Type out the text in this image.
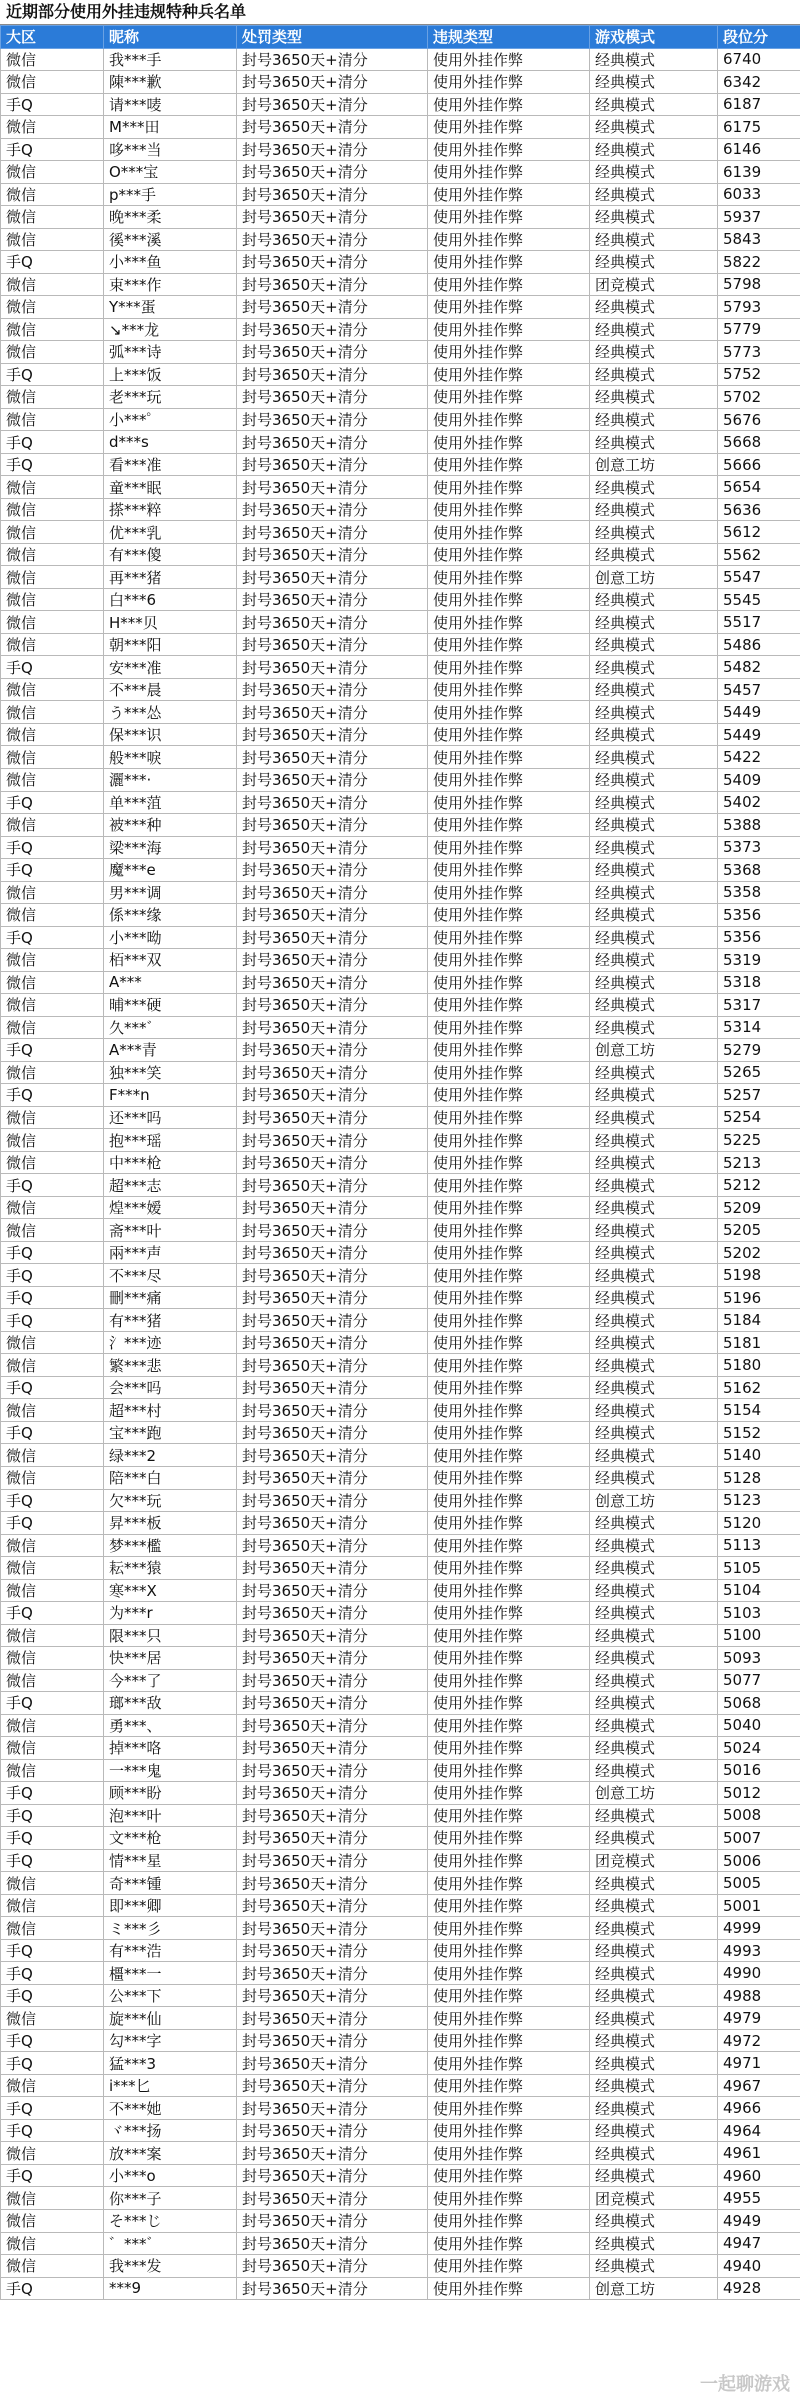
近期部分使用外挂违规特种兵名单
大区	昵称	处罚类型	违规类型	游戏模式	段位分
微信	我***手	封号3650天+清分	使用外挂作弊	经典模式	6740
微信	陳***歉	封号3650天+清分	使用外挂作弊	经典模式	6342
手Q	请***唛	封号3650天+清分	使用外挂作弊	经典模式	6187
微信	M***田	封号3650天+清分	使用外挂作弊	经典模式	6175
手Q	哆***当	封号3650天+清分	使用外挂作弊	经典模式	6146
微信	O***宝	封号3650天+清分	使用外挂作弊	经典模式	6139
微信	p***手	封号3650天+清分	使用外挂作弊	经典模式	6033
微信	晚***柔	封号3650天+清分	使用外挂作弊	经典模式	5937
微信	徯***溪	封号3650天+清分	使用外挂作弊	经典模式	5843
手Q	小***鱼	封号3650天+清分	使用外挂作弊	经典模式	5822
微信	束***作	封号3650天+清分	使用外挂作弊	团竞模式	5798
微信	Y***蛋	封号3650天+清分	使用外挂作弊	经典模式	5793
微信	↘***龙	封号3650天+清分	使用外挂作弊	经典模式	5779
微信	弧***诗	封号3650天+清分	使用外挂作弊	经典模式	5773
手Q	上***饭	封号3650天+清分	使用外挂作弊	经典模式	5752
微信	老***玩	封号3650天+清分	使用外挂作弊	经典模式	5702
微信	小***゜	封号3650天+清分	使用外挂作弊	经典模式	5676
手Q	d***s	封号3650天+清分	使用外挂作弊	经典模式	5668
手Q	看***准	封号3650天+清分	使用外挂作弊	创意工坊	5666
微信	童***眠	封号3650天+清分	使用外挂作弊	经典模式	5654
微信	搽***粹	封号3650天+清分	使用外挂作弊	经典模式	5636
微信	优***乳	封号3650天+清分	使用外挂作弊	经典模式	5612
微信	有***傻	封号3650天+清分	使用外挂作弊	经典模式	5562
微信	再***猪	封号3650天+清分	使用外挂作弊	创意工坊	5547
微信	白***6	封号3650天+清分	使用外挂作弊	经典模式	5545
微信	H***贝	封号3650天+清分	使用外挂作弊	经典模式	5517
微信	朝***阳	封号3650天+清分	使用外挂作弊	经典模式	5486
手Q	安***准	封号3650天+清分	使用外挂作弊	经典模式	5482
微信	不***晨	封号3650天+清分	使用外挂作弊	经典模式	5457
微信	う***怂	封号3650天+清分	使用外挂作弊	经典模式	5449
微信	保***识	封号3650天+清分	使用外挂作弊	经典模式	5449
微信	般***唳	封号3650天+清分	使用外挂作弊	经典模式	5422
微信	灑***·	封号3650天+清分	使用外挂作弊	经典模式	5409
手Q	单***菹	封号3650天+清分	使用外挂作弊	经典模式	5402
微信	被***种	封号3650天+清分	使用外挂作弊	经典模式	5388
手Q	梁***海	封号3650天+清分	使用外挂作弊	经典模式	5373
手Q	魔***e	封号3650天+清分	使用外挂作弊	经典模式	5368
微信	男***调	封号3650天+清分	使用外挂作弊	经典模式	5358
微信	係***缘	封号3650天+清分	使用外挂作弊	经典模式	5356
手Q	小***呦	封号3650天+清分	使用外挂作弊	经典模式	5356
微信	栢***双	封号3650天+清分	使用外挂作弊	经典模式	5319
微信	A***	封号3650天+清分	使用外挂作弊	经典模式	5318
微信	晡***硬	封号3650天+清分	使用外挂作弊	经典模式	5317
微信	久***゛	封号3650天+清分	使用外挂作弊	经典模式	5314
手Q	A***青	封号3650天+清分	使用外挂作弊	创意工坊	5279
微信	独***笑	封号3650天+清分	使用外挂作弊	经典模式	5265
手Q	F***n	封号3650天+清分	使用外挂作弊	经典模式	5257
微信	还***吗	封号3650天+清分	使用外挂作弊	经典模式	5254
微信	抱***瑶	封号3650天+清分	使用外挂作弊	经典模式	5225
微信	中***枪	封号3650天+清分	使用外挂作弊	经典模式	5213
手Q	超***志	封号3650天+清分	使用外挂作弊	经典模式	5212
微信	煌***嫒	封号3650天+清分	使用外挂作弊	经典模式	5209
微信	斋***叶	封号3650天+清分	使用外挂作弊	经典模式	5205
手Q	兩***声	封号3650天+清分	使用外挂作弊	经典模式	5202
手Q	不***尽	封号3650天+清分	使用外挂作弊	经典模式	5198
手Q	刪***痛	封号3650天+清分	使用外挂作弊	经典模式	5196
手Q	有***猪	封号3650天+清分	使用外挂作弊	经典模式	5184
微信	氵***迹	封号3650天+清分	使用外挂作弊	经典模式	5181
微信	繁***悲	封号3650天+清分	使用外挂作弊	经典模式	5180
手Q	会***吗	封号3650天+清分	使用外挂作弊	经典模式	5162
微信	超***村	封号3650天+清分	使用外挂作弊	经典模式	5154
手Q	宝***跑	封号3650天+清分	使用外挂作弊	经典模式	5152
微信	绿***2	封号3650天+清分	使用外挂作弊	经典模式	5140
微信	陪***白	封号3650天+清分	使用外挂作弊	经典模式	5128
手Q	欠***玩	封号3650天+清分	使用外挂作弊	创意工坊	5123
手Q	昇***板	封号3650天+清分	使用外挂作弊	经典模式	5120
微信	梦***檻	封号3650天+清分	使用外挂作弊	经典模式	5113
微信	耘***猿	封号3650天+清分	使用外挂作弊	经典模式	5105
微信	寒***X	封号3650天+清分	使用外挂作弊	经典模式	5104
手Q	为***r	封号3650天+清分	使用外挂作弊	经典模式	5103
微信	限***只	封号3650天+清分	使用外挂作弊	经典模式	5100
微信	快***居	封号3650天+清分	使用外挂作弊	经典模式	5093
微信	今***了	封号3650天+清分	使用外挂作弊	经典模式	5077
手Q	瑯***敌	封号3650天+清分	使用外挂作弊	经典模式	5068
微信	勇***、	封号3650天+清分	使用外挂作弊	经典模式	5040
微信	掉***咯	封号3650天+清分	使用外挂作弊	经典模式	5024
微信	一***鬼	封号3650天+清分	使用外挂作弊	经典模式	5016
手Q	顾***盼	封号3650天+清分	使用外挂作弊	创意工坊	5012
手Q	泡***叶	封号3650天+清分	使用外挂作弊	经典模式	5008
手Q	文***枪	封号3650天+清分	使用外挂作弊	经典模式	5007
手Q	情***星	封号3650天+清分	使用外挂作弊	团竞模式	5006
微信	奇***锺	封号3650天+清分	使用外挂作弊	经典模式	5005
微信	即***卿	封号3650天+清分	使用外挂作弊	经典模式	5001
微信	ミ***彡	封号3650天+清分	使用外挂作弊	经典模式	4999
手Q	有***浩	封号3650天+清分	使用外挂作弊	经典模式	4993
手Q	橿***一	封号3650天+清分	使用外挂作弊	经典模式	4990
手Q	公***下	封号3650天+清分	使用外挂作弊	经典模式	4988
微信	旋***仙	封号3650天+清分	使用外挂作弊	经典模式	4979
手Q	勾***字	封号3650天+清分	使用外挂作弊	经典模式	4972
手Q	猛***3	封号3650天+清分	使用外挂作弊	经典模式	4971
微信	i***匕	封号3650天+清分	使用外挂作弊	经典模式	4967
手Q	不***她	封号3650天+清分	使用外挂作弊	经典模式	4966
手Q	ヾ***扬	封号3650天+清分	使用外挂作弊	经典模式	4964
微信	放***案	封号3650天+清分	使用外挂作弊	经典模式	4961
手Q	小***o	封号3650天+清分	使用外挂作弊	经典模式	4960
微信	你***子	封号3650天+清分	使用外挂作弊	团竞模式	4955
微信	そ***じ	封号3650天+清分	使用外挂作弊	经典模式	4949
微信	゛***゛	封号3650天+清分	使用外挂作弊	经典模式	4947
微信	我***发	封号3650天+清分	使用外挂作弊	经典模式	4940
手Q	***9	封号3650天+清分	使用外挂作弊	创意工坊	4928
一起聊游戏
